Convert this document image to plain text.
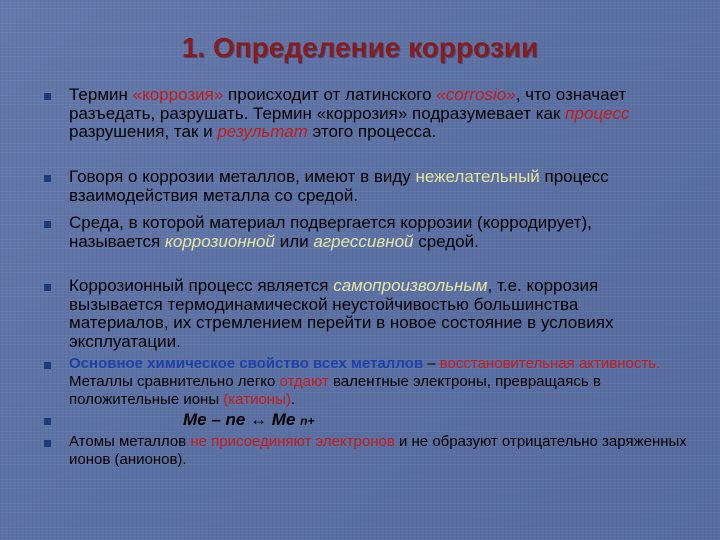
1. Определение коррозии
Термин «коррозия» происходит от латинского «corrosio», что означает разъедать, разрушать. Термин «коррозия» подразумевает как процесс разрушения, так и результат этого процесса.
Говоря о коррозии металлов, имеют в виду нежелательный процесс взаимодействия металла со средой.
Среда, в которой материал подвергается коррозии (корродирует), называется коррозионной или агрессивной средой.
Коррозионный процесс является самопроизвольным, т.е. коррозия вызывается термодинамической неустойчивостью большинства материалов, их стремлением перейти в новое состояние в условиях эксплуатации.
Основное химическое свойство всех металлов – восстановительная активность. Металлы сравнительно легко отдают валентные электроны, превращаясь в положительные ионы (катионы).
Ме – nе ↔ Ме n+
Атомы металлов не присоединяют электронов и не образуют отрицательно заряженных ионов (анионов).
